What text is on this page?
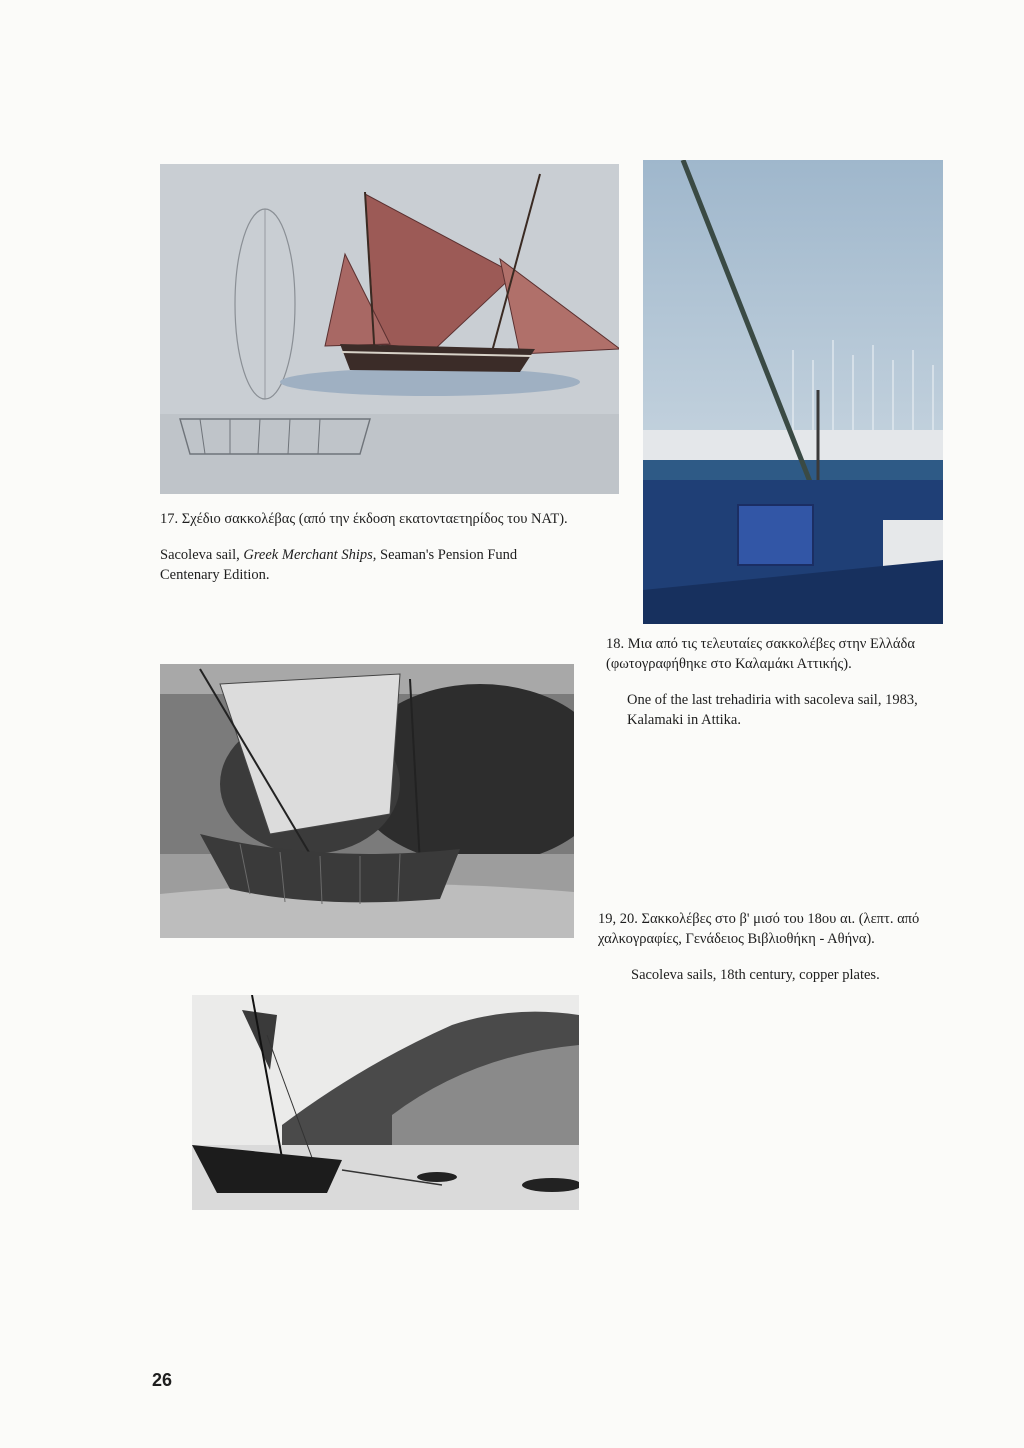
17. Σχέδιο σακκολέβας (από την έκδοση εκατονταετηρίδος του NAT).

Sacoleva sail, Greek Merchant Ships, Seaman's Pension Fund Centenary Edition.

18. Μια από τις τελευταίες σακκολέβες στην Ελλάδα (φωτογραφήθηκε στο Καλαμάκι Αττικής).

One of the last trehadiria with sacoleva sail, 1983, Kalamaki in Attika.

19, 20. Σακκολέβες στο β' μισό του 18ου αι. (λεπτ. από χαλκογραφίες, Γενάδειος Βιβλιοθήκη - Αθήνα).

Sacoleva sails, 18th century, copper plates.

26
